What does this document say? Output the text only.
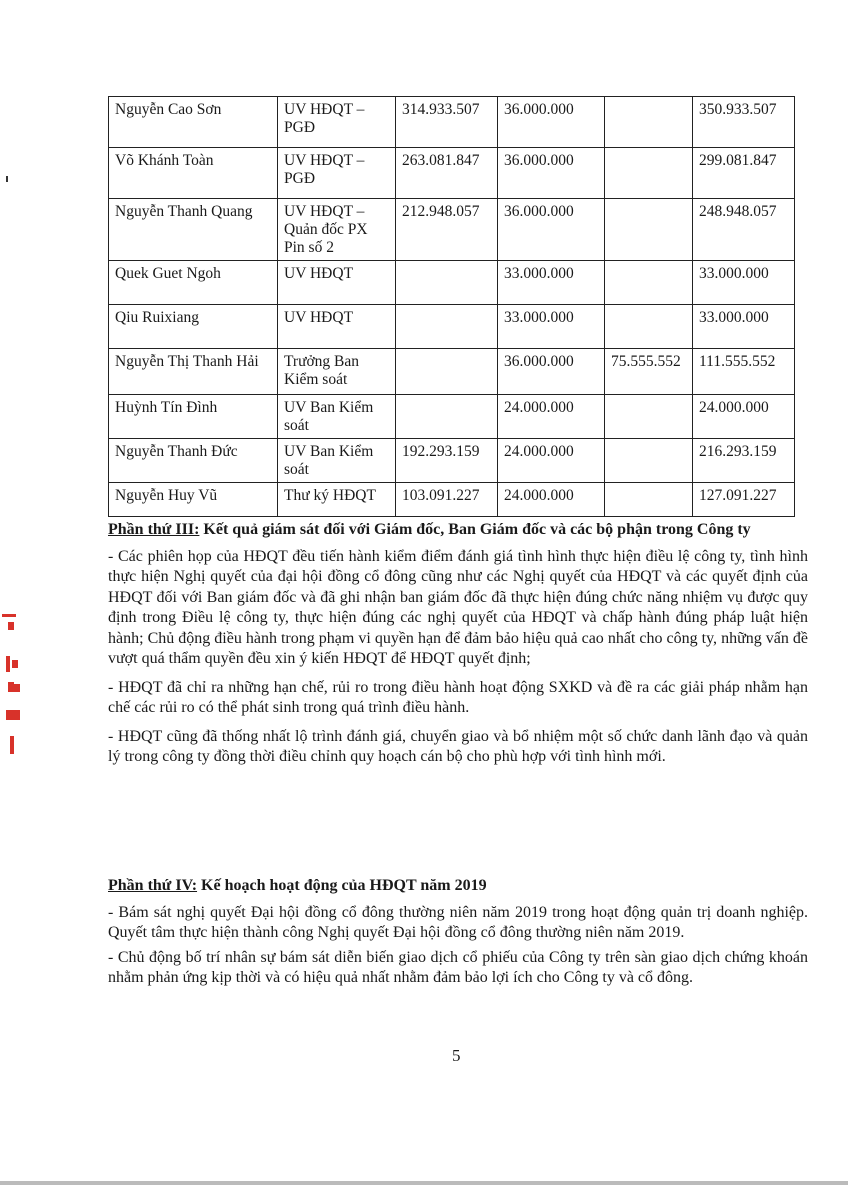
Nguyễn Cao Sơn	UV HĐQT – PGĐ	314.933.507	36.000.000		350.933.507
Võ Khánh Toàn	UV HĐQT – PGĐ	263.081.847	36.000.000		299.081.847
Nguyễn Thanh Quang	UV HĐQT – Quản đốc PX Pin số 2	212.948.057	36.000.000		248.948.057
Quek Guet Ngoh	UV HĐQT		33.000.000		33.000.000
Qiu Ruixiang	UV HĐQT		33.000.000		33.000.000
Nguyễn Thị Thanh Hải	Trưởng Ban Kiểm soát		36.000.000	75.555.552	111.555.552
Huỳnh Tín Đình	UV Ban Kiểm soát		24.000.000		24.000.000
Nguyễn Thanh Đức	UV Ban Kiểm soát	192.293.159	24.000.000		216.293.159
Nguyễn Huy Vũ	Thư ký HĐQT	103.091.227	24.000.000		127.091.227
Phần thứ III: Kết quả giám sát đối với Giám đốc, Ban Giám đốc và các bộ phận trong Công ty

- Các phiên họp của HĐQT đều tiến hành kiểm điểm đánh giá tình hình thực hiện điều lệ công ty, tình hình thực hiện Nghị quyết của đại hội đồng cổ đông cũng như các Nghị quyết của HĐQT và các quyết định của HĐQT đối với Ban giám đốc và đã ghi nhận ban giám đốc đã thực hiện đúng chức năng nhiệm vụ được quy định trong Điều lệ công ty, thực hiện đúng các nghị quyết của HĐQT và chấp hành đúng pháp luật hiện hành; Chủ động điều hành trong phạm vi quyền hạn để đảm bảo hiệu quả cao nhất cho công ty, những vấn đề vượt quá thẩm quyền đều xin ý kiến HĐQT để HĐQT quyết định;

- HĐQT đã chỉ ra những hạn chế, rủi ro trong điều hành hoạt động SXKD và đề ra các giải pháp nhằm hạn chế các rủi ro có thể phát sinh trong quá trình điều hành.

- HĐQT cũng đã thống nhất lộ trình đánh giá, chuyển giao và bổ nhiệm một số chức danh lãnh đạo và quản lý trong công ty đồng thời điều chỉnh quy hoạch cán bộ cho phù hợp với tình hình mới.

Phần thứ IV: Kế hoạch hoạt động của HĐQT năm 2019

- Bám sát nghị quyết Đại hội đồng cổ đông thường niên năm 2019 trong hoạt động quản trị doanh nghiệp. Quyết tâm thực hiện thành công Nghị quyết Đại hội đồng cổ đông thường niên năm 2019.

- Chủ động bố trí nhân sự bám sát diễn biến giao dịch cổ phiếu của Công ty trên sàn giao dịch chứng khoán nhằm phản ứng kịp thời và có hiệu quả nhất nhằm đảm bảo lợi ích cho Công ty và cổ đông.

5
